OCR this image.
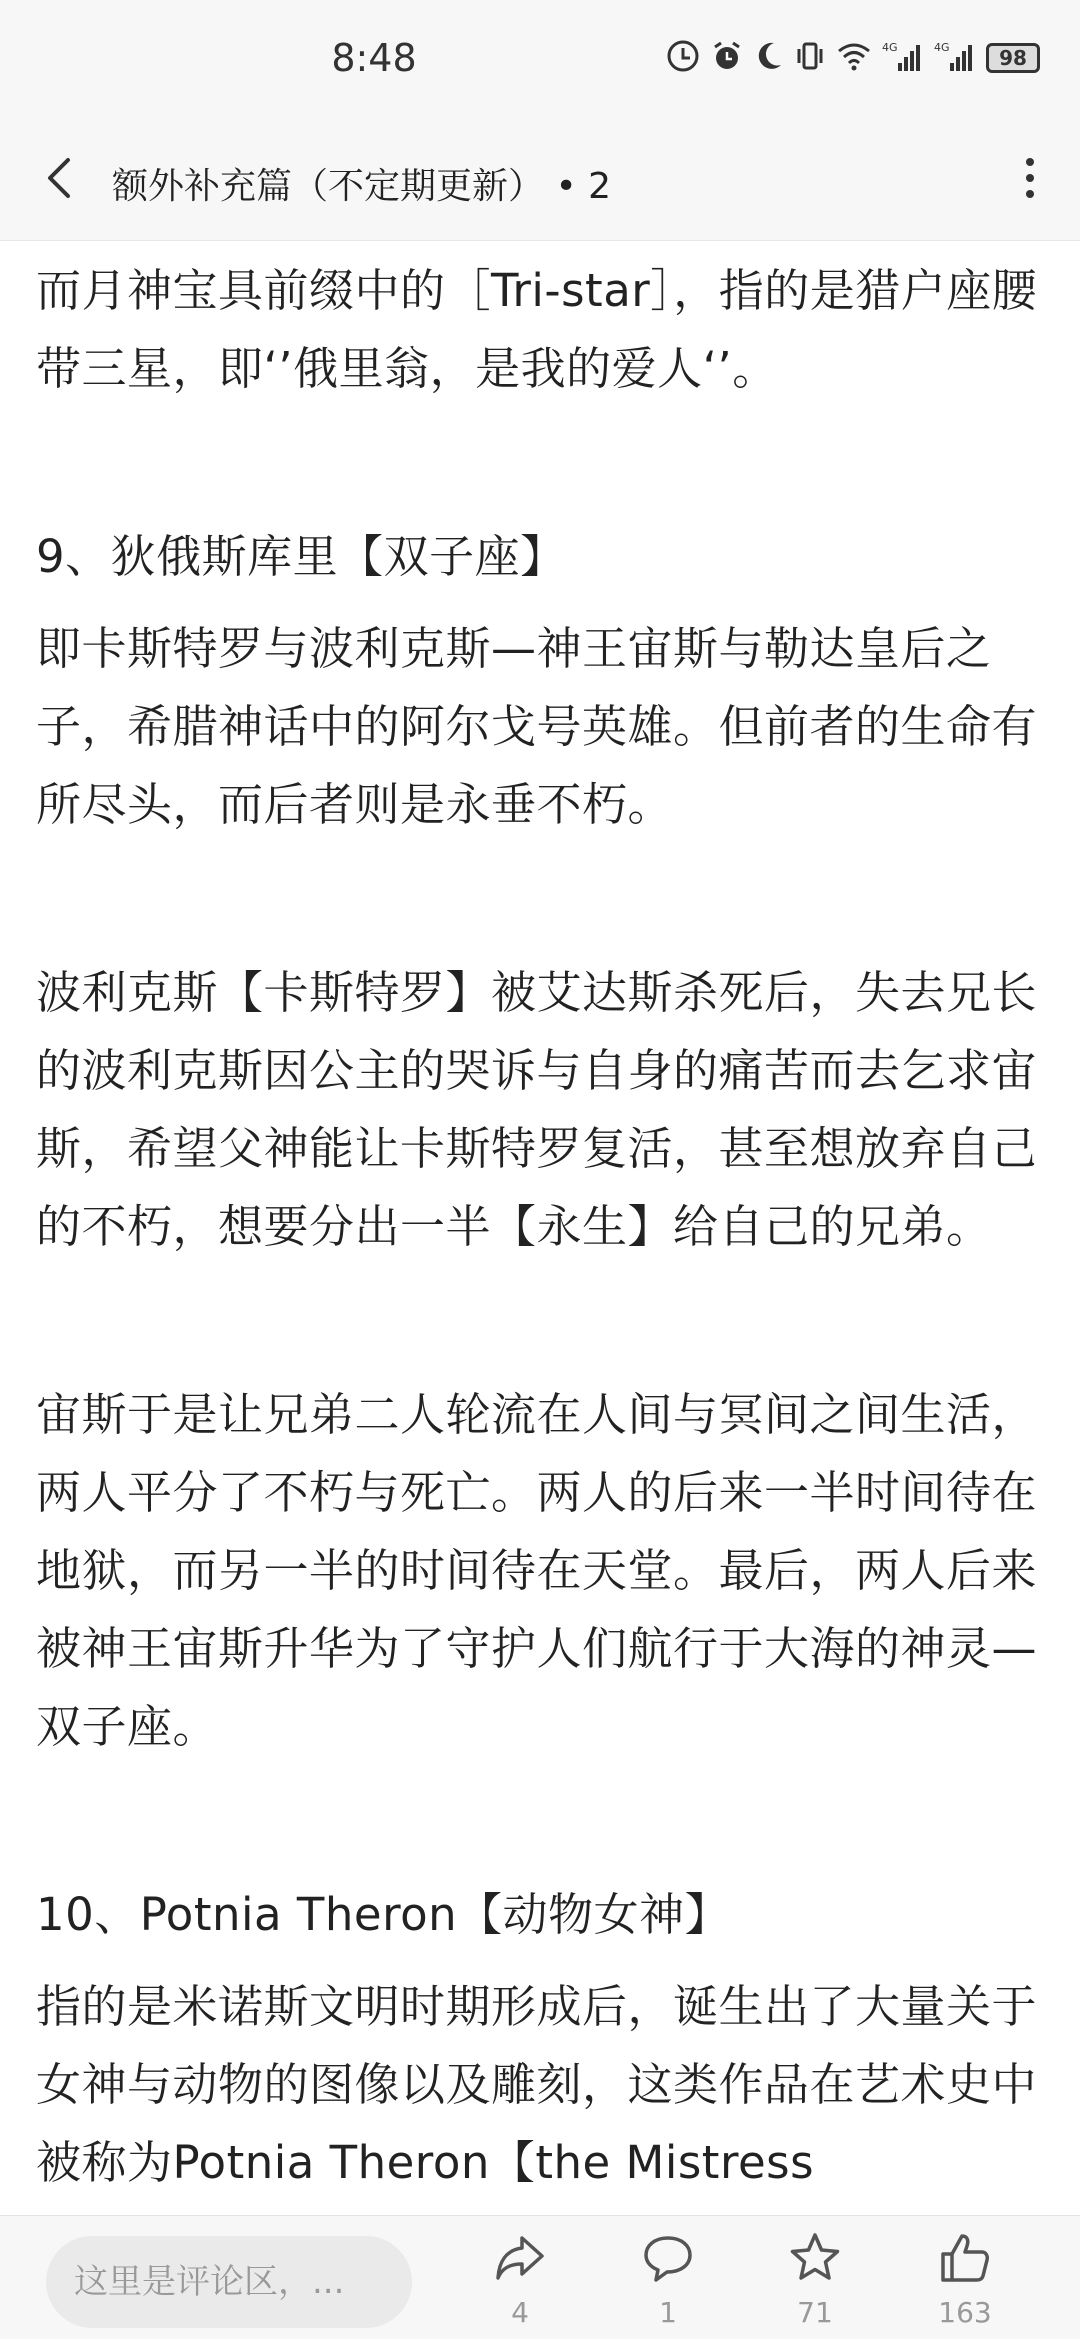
8:48	4G	4G	98
额外补充篇（不定期更新） • 2

而月神宝具前缀中的［Tri-star］，指的是猎户座腰带三星，即‘’俄里翁，是我的爱人‘’。

9、狄俄斯库里【双子座】

即卡斯特罗与波利克斯—神王宙斯与勒达皇后之子，希腊神话中的阿尔戈号英雄。但前者的生命有所尽头，而后者则是永垂不朽。

波利克斯【卡斯特罗】被艾达斯杀死后，失去兄长的波利克斯因公主的哭诉与自身的痛苦而去乞求宙斯，希望父神能让卡斯特罗复活，甚至想放弃自己的不朽，想要分出一半【永生】给自己的兄弟。

宙斯于是让兄弟二人轮流在人间与冥间之间生活，两人平分了不朽与死亡。两人的后来一半时间待在地狱，而另一半的时间待在天堂。最后，两人后来被神王宙斯升华为了守护人们航行于大海的神灵—双子座。

10、Potnia Theron【动物女神】

指的是米诺斯文明时期形成后，诞生出了大量关于女神与动物的图像以及雕刻，这类作品在艺术史中被称为Potnia Theron【the Mistress

这里是评论区，...
4	1	71	163
